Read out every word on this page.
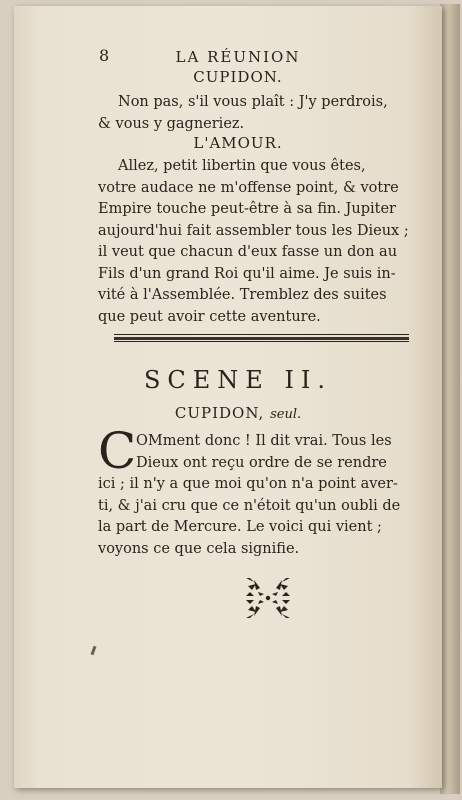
8	LA RÉUNION
CUPIDON.

Non pas, s'il vous plaît : J'y perdrois,

& vous y gagneriez.

L'AMOUR.

Allez, petit libertin que vous êtes,

votre audace ne m'offense point, & votre

Empire touche peut-être à sa fin. Jupiter

aujourd'hui fait assembler tous les Dieux ;

il veut que chacun d'eux fasse un don au

Fils d'un grand Roi qu'il aime. Je suis in-

vité à l'Assemblée. Tremblez des suites

que peut avoir cette aventure.

SCENE II.
CUPIDON, seul.
C OMment donc ! Il dit vrai. Tous les
Dieux ont reçu ordre de se rendre
ici ; il n'y a que moi qu'on n'a point aver-
ti, & j'ai cru que ce n'étoit qu'un oubli de
la part de Mercure. Le voici qui vient ;
voyons ce que cela signifie.
